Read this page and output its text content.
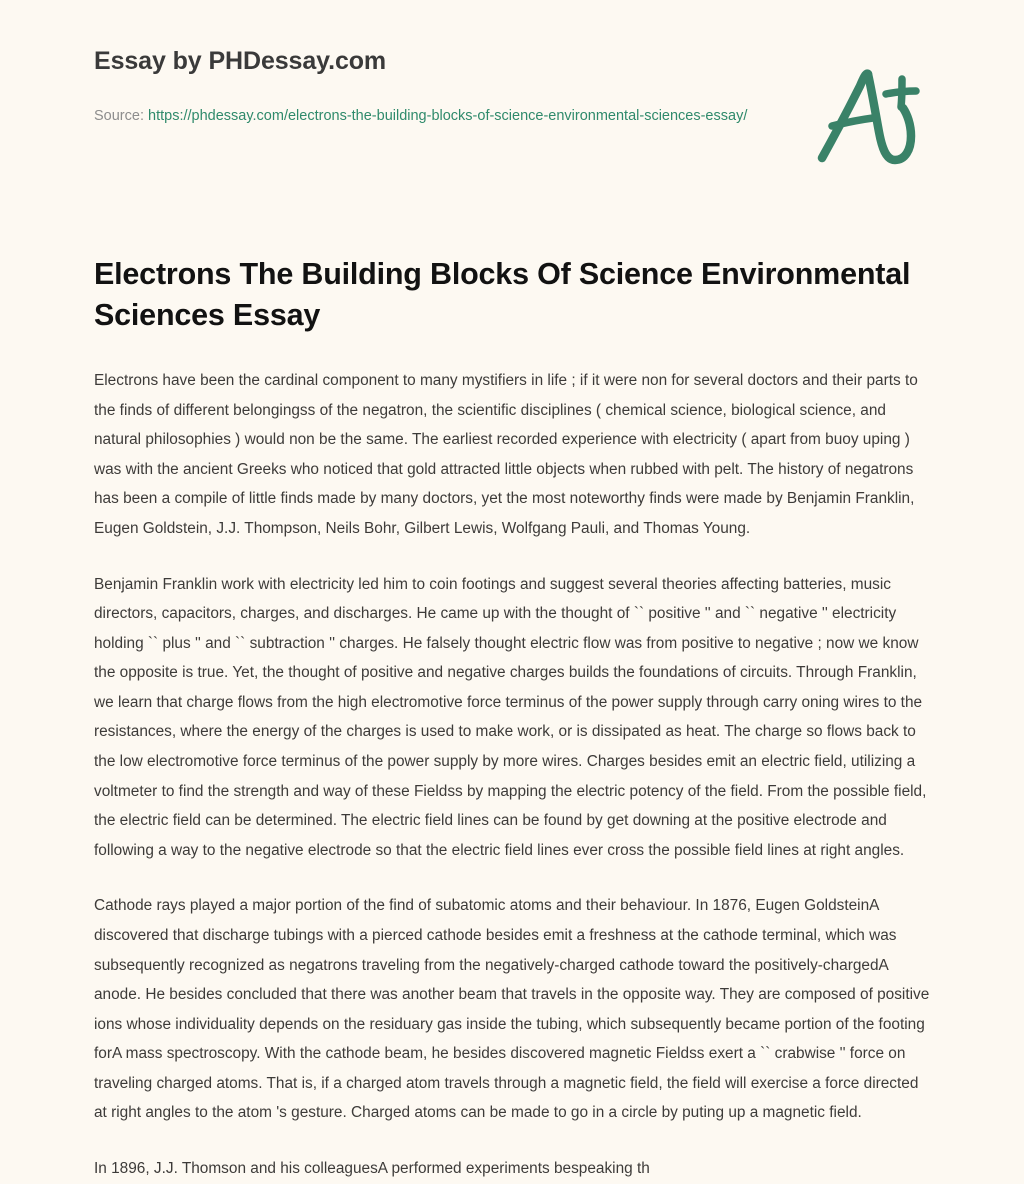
Essay by PHDessay.com
Source: https://phdessay.com/electrons-the-building-blocks-of-science-environmental-sciences-essay/
Electrons The Building Blocks Of Science Environmental Sciences Essay

Electrons have been the cardinal component to many mystifiers in life ; if it were non for several doctors and their parts to the finds of different belongingss of the negatron, the scientific disciplines ( chemical science, biological science, and natural philosophies ) would non be the same. The earliest recorded experience with electricity ( apart from buoy uping ) was with the ancient Greeks who noticed that gold attracted little objects when rubbed with pelt. The history of negatrons has been a compile of little finds made by many doctors, yet the most noteworthy finds were made by Benjamin Franklin, Eugen Goldstein, J.J. Thompson, Neils Bohr, Gilbert Lewis, Wolfgang Pauli, and Thomas Young.

Benjamin Franklin work with electricity led him to coin footings and suggest several theories affecting batteries, music directors, capacitors, charges, and discharges. He came up with the thought of `` positive '' and `` negative '' electricity holding `` plus '' and `` subtraction '' charges. He falsely thought electric flow was from positive to negative ; now we know the opposite is true. Yet, the thought of positive and negative charges builds the foundations of circuits. Through Franklin, we learn that charge flows from the high electromotive force terminus of the power supply through carry oning wires to the resistances, where the energy of the charges is used to make work, or is dissipated as heat. The charge so flows back to the low electromotive force terminus of the power supply by more wires. Charges besides emit an electric field, utilizing a voltmeter to find the strength and way of these Fieldss by mapping the electric potency of the field. From the possible field, the electric field can be determined. The electric field lines can be found by get downing at the positive electrode and following a way to the negative electrode so that the electric field lines ever cross the possible field lines at right angles.

Cathode rays played a major portion of the find of subatomic atoms and their behaviour. In 1876, Eugen GoldsteinA discovered that discharge tubings with a pierced cathode besides emit a freshness at the cathode terminal, which was subsequently recognized as negatrons traveling from the negatively-charged cathode toward the positively-chargedA anode. He besides concluded that there was another beam that travels in the opposite way. They are composed of positive ions whose individuality depends on the residuary gas inside the tubing, which subsequently became portion of the footing forA mass spectroscopy. With the cathode beam, he besides discovered magnetic Fieldss exert a `` crabwise '' force on traveling charged atoms. That is, if a charged atom travels through a magnetic field, the field will exercise a force directed at right angles to the atom 's gesture. Charged atoms can be made to go in a circle by puting up a magnetic field.

In 1896, J.J. Thomson and his colleaguesA performed experiments bespeaking th
